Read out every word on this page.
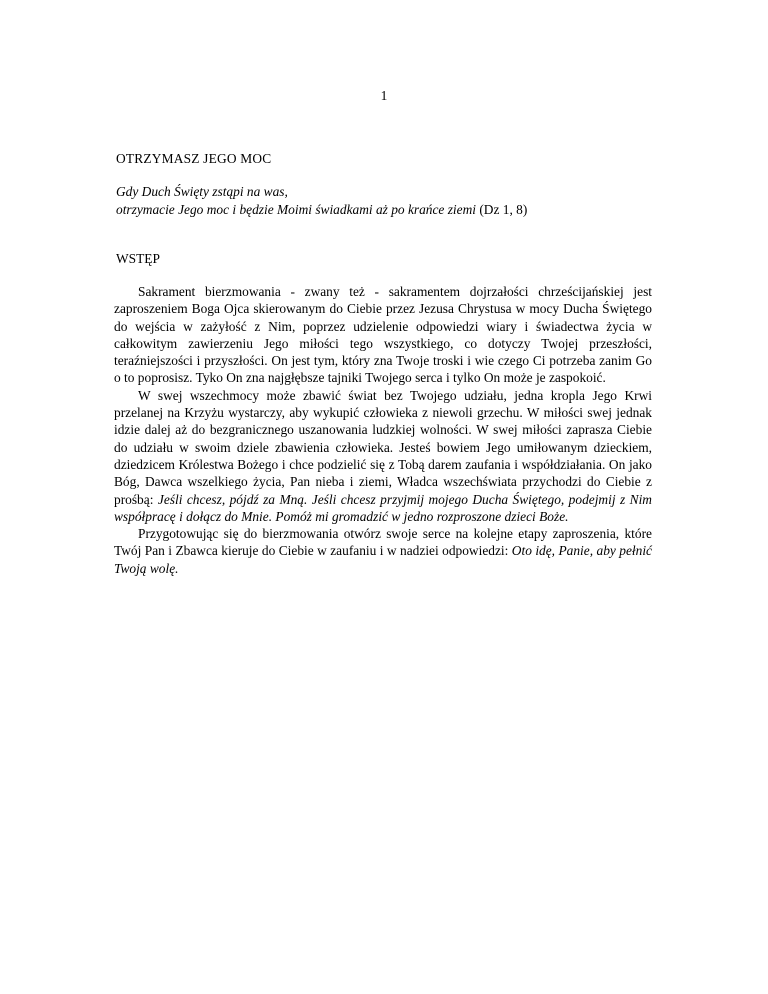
1
OTRZYMASZ JEGO MOC
Gdy Duch Święty zstąpi na was,
otrzymacie Jego moc i będzie Moimi świadkami aż po krańce ziemi (Dz 1, 8)
WSTĘP

Sakrament bierzmowania - zwany też - sakramentem dojrzałości chrześcijańskiej jest zaproszeniem Boga Ojca skierowanym do Ciebie przez Jezusa Chrystusa w mocy Ducha Świętego do wejścia w zażyłość z Nim, poprzez udzielenie odpowiedzi wiary i świadectwa życia w całkowitym zawierzeniu Jego miłości tego wszystkiego, co dotyczy Twojej przeszłości, teraźniejszości i przyszłości. On jest tym, który zna Twoje troski i wie czego Ci potrzeba zanim Go o to poprosisz. Tyko On zna najgłębsze tajniki Twojego serca i tylko On może je zaspokoić.

W swej wszechmocy może zbawić świat bez Twojego udziału, jedna kropla Jego Krwi przelanej na Krzyżu wystarczy, aby wykupić człowieka z niewoli grzechu. W miłości swej jednak idzie dalej aż do bezgranicznego uszanowania ludzkiej wolności. W swej miłości zaprasza Ciebie do udziału w swoim dziele zbawienia człowieka. Jesteś bowiem Jego umiłowanym dzieckiem, dziedzicem Królestwa Bożego i chce podzielić się z Tobą darem zaufania i współdziałania. On jako Bóg, Dawca wszelkiego życia, Pan nieba i ziemi, Władca wszechświata przychodzi do Ciebie z prośbą: Jeśli chcesz, pójdź za Mną. Jeśli chcesz przyjmij mojego Ducha Świętego, podejmij z Nim współpracę i dołącz do Mnie. Pomóż mi gromadzić w jedno rozproszone dzieci Boże.

Przygotowując się do bierzmowania otwórz swoje serce na kolejne etapy zaproszenia, które Twój Pan i Zbawca kieruje do Ciebie w zaufaniu i w nadziei odpowiedzi: Oto idę, Panie, aby pełnić Twoją wolę.
